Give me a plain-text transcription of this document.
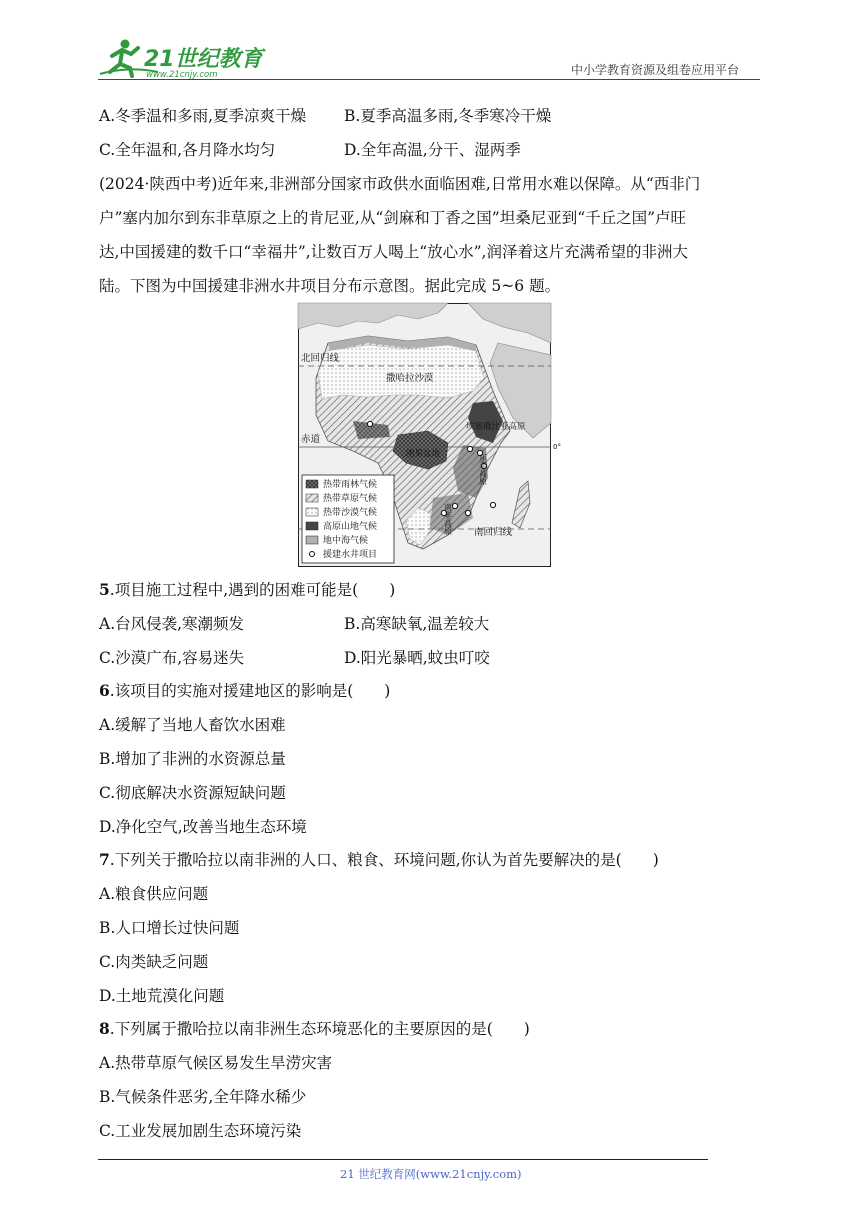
21世纪教育
www.21cnjy.com	中小学教育资源及组卷应用平台
A.冬季温和多雨,夏季凉爽干燥 B.夏季高温多雨,冬季寒冷干燥
C.全年温和,各月降水均匀	D.全年高温,分干、湿两季
(2024·陕西中考)近年来,非洲部分国家市政供水面临困难,日常用水难以保障。从“西非门
户”塞内加尔到东非草原之上的肯尼亚,从“剑麻和丁香之国”坦桑尼亚到“千丘之国”卢旺
达,中国援建的数千口“幸福井”,让数百万人喝上“放心水”,润泽着这片充满希望的非洲大
陆。下图为中国援建非洲水井项目分布示意图。据此完成 5~6 题。
北回归线
撒哈拉沙漠
赤道
0°
埃塞俄比亚高原
刚果盆地
南回归线
东非高原
南非高原
热带雨林气候
热带草原气候
热带沙漠气候
高原山地气候
地中海气候
援建水井项目
5.项目施工过程中,遇到的困难可能是(　　)
A.台风侵袭,寒潮频发	B.高寒缺氧,温差较大
C.沙漠广布,容易迷失	D.阳光暴晒,蚊虫叮咬
6.该项目的实施对援建地区的影响是(　　)
A.缓解了当地人畜饮水困难
B.增加了非洲的水资源总量
C.彻底解决水资源短缺问题
D.净化空气,改善当地生态环境
7.下列关于撒哈拉以南非洲的人口、粮食、环境问题,你认为首先要解决的是(　　)
A.粮食供应问题
B.人口增长过快问题
C.肉类缺乏问题
D.土地荒漠化问题
8.下列属于撒哈拉以南非洲生态环境恶化的主要原因的是(　　)
A.热带草原气候区易发生旱涝灾害
B.气候条件恶劣,全年降水稀少
C.工业发展加剧生态环境污染
21 世纪教育网(www.21cnjy.com)
